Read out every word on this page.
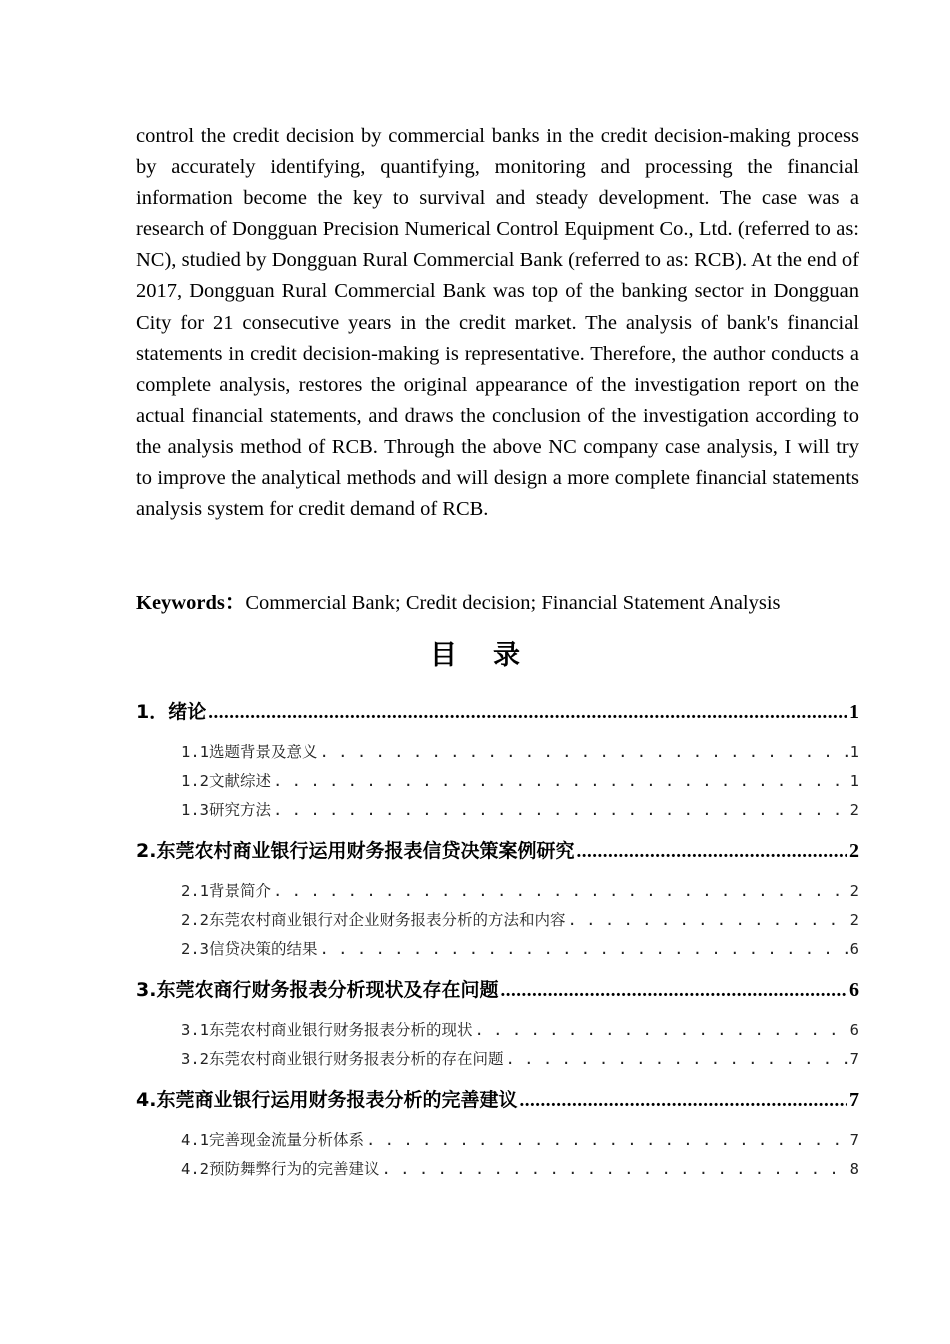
control the credit decision by commercial banks in the credit decision-making process by accurately identifying, quantifying, monitoring and processing the financial information become the key to survival and steady development. The case was a research of Dongguan Precision Numerical Control Equipment Co., Ltd. (referred to as: NC), studied by Dongguan Rural Commercial Bank (referred to as: RCB). At the end of 2017, Dongguan Rural Commercial Bank was top of the banking sector in Dongguan City for 21 consecutive years in the credit market. The analysis of bank's financial statements in credit decision-making is representative. Therefore, the author conducts a complete analysis, restores the original appearance of the investigation report on the actual financial statements, and draws the conclusion of the investigation according to the analysis method of RCB. Through the above NC company case analysis, I will try to improve the analytical methods and will design a more complete financial statements analysis system for credit demand of RCB.

Keywords：Commercial Bank; Credit decision; Financial Statement Analysis
目录
1．绪论 .....	1
1.1选题背景及意义 . . .	1
1.2文献综述 . . .	1
1.3研究方法 . . .	2
2.东莞农村商业银行运用财务报表信贷决策案例研究 .....	2
2.1背景简介 . . .	2
2.2东莞农村商业银行对企业财务报表分析的方法和内容 . . .	2
2.3信贷决策的结果 . . .	6
3.东莞农商行财务报表分析现状及存在问题 .....	6
3.1东莞农村商业银行财务报表分析的现状 . . .	6
3.2东莞农村商业银行财务报表分析的存在问题 . . .	7
4.东莞商业银行运用财务报表分析的完善建议 .....	7
4.1完善现金流量分析体系 . . .	7
4.2预防舞弊行为的完善建议 . . .	8
